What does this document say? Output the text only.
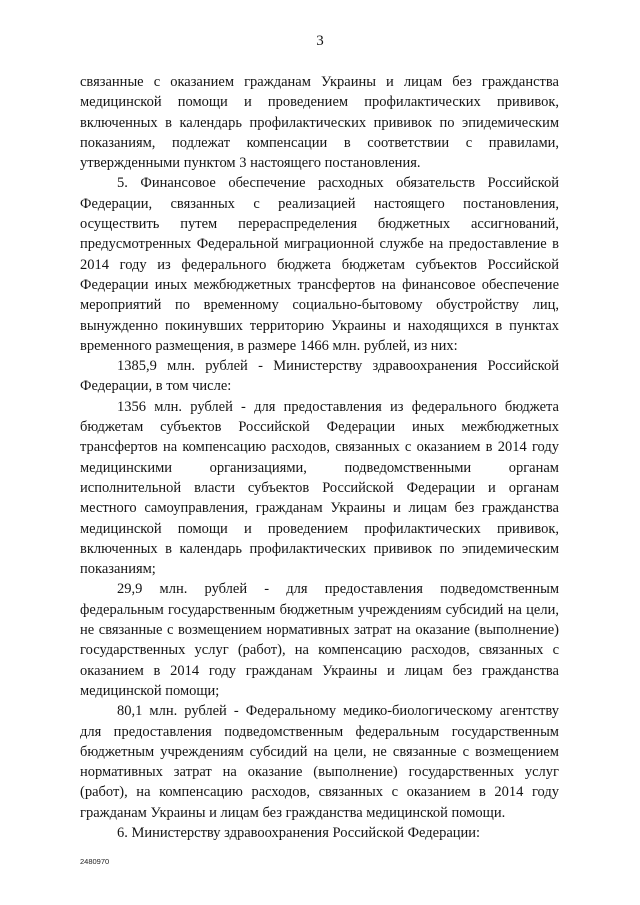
3

связанные с оказанием гражданам Украины и лицам без гражданства медицинской помощи и проведением профилактических прививок, включенных в календарь профилактических прививок по эпидемическим показаниям, подлежат компенсации в соответствии с правилами, утвержденными пунктом 3 настоящего постановления.

5. Финансовое обеспечение расходных обязательств Российской Федерации, связанных с реализацией настоящего постановления, осуществить путем перераспределения бюджетных ассигнований, предусмотренных Федеральной миграционной службе на предоставление в 2014 году из федерального бюджета бюджетам субъектов Российской Федерации иных межбюджетных трансфертов на финансовое обеспечение мероприятий по временному социально-бытовому обустройству лиц, вынужденно покинувших территорию Украины и находящихся в пунктах временного размещения, в размере 1466 млн. рублей, из них:

1385,9 млн. рублей - Министерству здравоохранения Российской Федерации, в том числе:

1356 млн. рублей - для предоставления из федерального бюджета бюджетам субъектов Российской Федерации иных межбюджетных трансфертов на компенсацию расходов, связанных с оказанием в 2014 году медицинскими организациями, подведомственными органам исполнительной власти субъектов Российской Федерации и органам местного самоуправления, гражданам Украины и лицам без гражданства медицинской помощи и проведением профилактических прививок, включенных в календарь профилактических прививок по эпидемическим показаниям;

29,9 млн. рублей - для предоставления подведомственным федеральным государственным бюджетным учреждениям субсидий на цели, не связанные с возмещением нормативных затрат на оказание (выполнение) государственных услуг (работ), на компенсацию расходов, связанных с оказанием в 2014 году гражданам Украины и лицам без гражданства медицинской помощи;

80,1 млн. рублей - Федеральному медико-биологическому агентству для предоставления подведомственным федеральным государственным бюджетным учреждениям субсидий на цели, не связанные с возмещением нормативных затрат на оказание (выполнение) государственных услуг (работ), на компенсацию расходов, связанных с оказанием в 2014 году гражданам Украины и лицам без гражданства медицинской помощи.

6. Министерству здравоохранения Российской Федерации:

2480970
